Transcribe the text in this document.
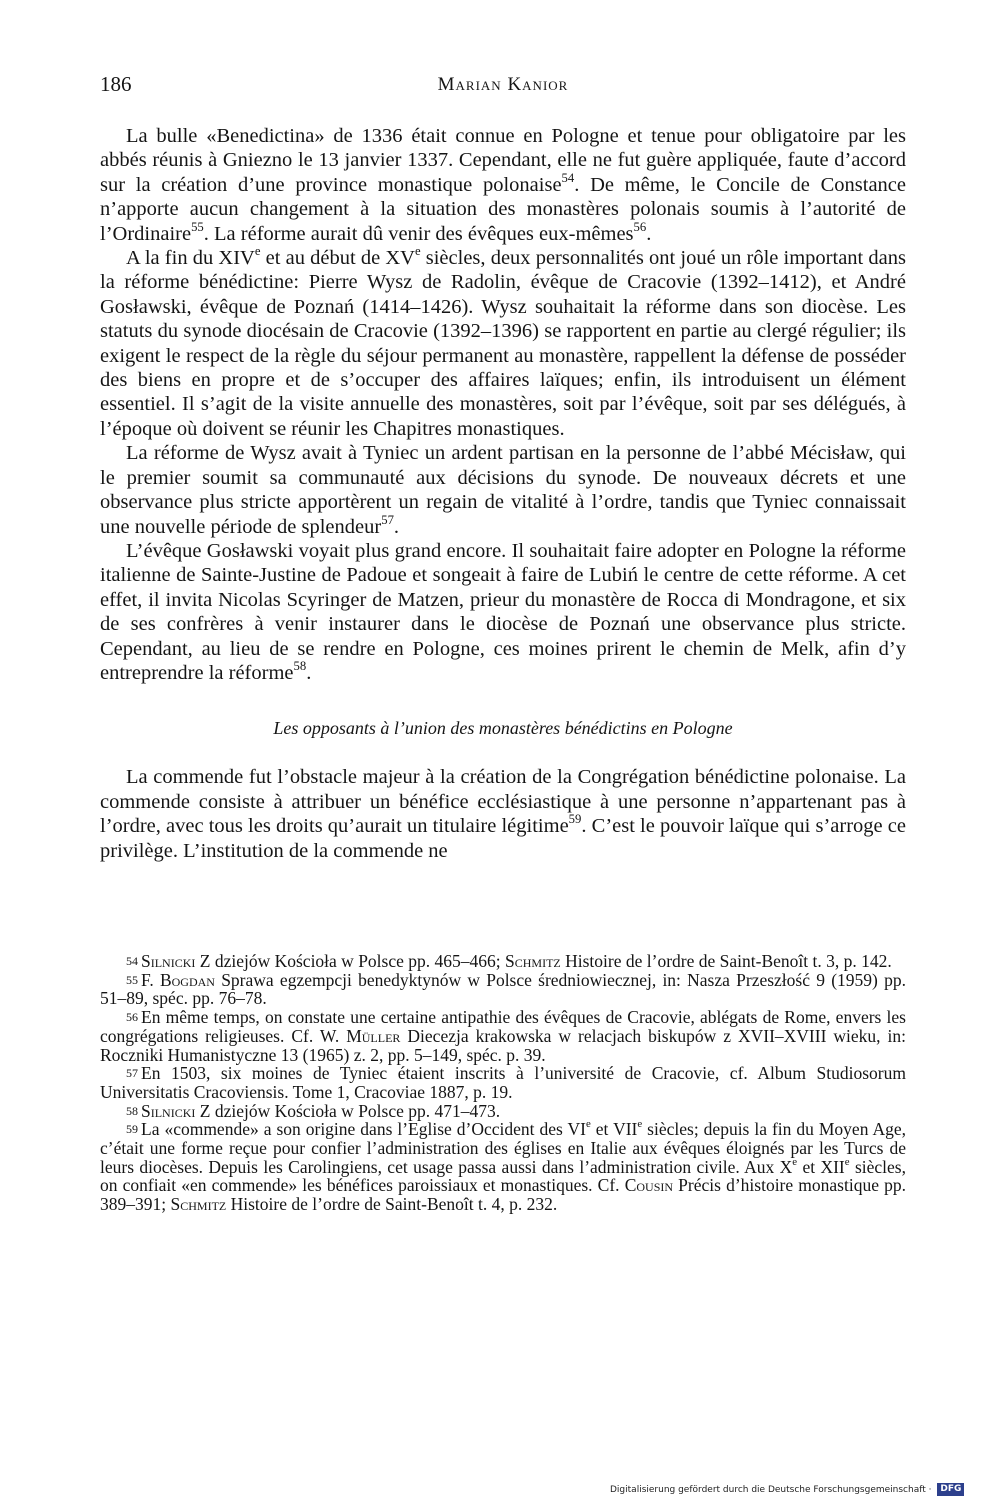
186	Marian Kanior

La bulle «Benedictina» de 1336 était connue en Pologne et tenue pour obligatoire par les abbés réunis à Gniezno le 13 janvier 1337. Cependant, elle ne fut guère appliquée, faute d’accord sur la création d’une province monastique polonaise$^{54}$. De même, le Concile de Constance n’apporte aucun changement à la situation des monastères polonais soumis à l’autorité de l’Ordinaire$^{55}$. La réforme aurait dû venir des évêques eux-mêmes$^{56}$.

A la fin du XIVe et au début de XVe siècles, deux personnalités ont joué un rôle important dans la réforme bénédictine: Pierre Wysz de Radolin, évêque de Cracovie (1392–1412), et André Gosławski, évêque de Poznań (1414–1426). Wysz souhaitait la réforme dans son diocèse. Les statuts du synode diocésain de Cracovie (1392–1396) se rapportent en partie au clergé régulier; ils exigent le respect de la règle du séjour permanent au monastère, rappellent la défense de posséder des biens en propre et de s’occuper des affaires laïques; enfin, ils introduisent un élément essentiel. Il s’agit de la visite annuelle des monastères, soit par l’évêque, soit par ses délégués, à l’époque où doivent se réunir les Chapitres monastiques.

La réforme de Wysz avait à Tyniec un ardent partisan en la personne de l’abbé Mécisław, qui le premier soumit sa communauté aux décisions du synode. De nouveaux décrets et une observance plus stricte apportèrent un regain de vitalité à l’ordre, tandis que Tyniec connaissait une nouvelle période de splendeur$^{57}$.

L’évêque Gosławski voyait plus grand encore. Il souhaitait faire adopter en Pologne la réforme italienne de Sainte-Justine de Padoue et songeait à faire de Lubiń le centre de cette réforme. A cet effet, il invita Nicolas Scyringer de Matzen, prieur du monastère de Rocca di Mondragone, et six de ses confrères à venir instaurer dans le diocèse de Poznań une observance plus stricte. Cependant, au lieu de se rendre en Pologne, ces moines prirent le chemin de Melk, afin d’y entreprendre la réforme$^{58}$.

Les opposants à l’union des monastères bénédictins en Pologne

La commende fut l’obstacle majeur à la création de la Congrégation bénédictine polonaise. La commende consiste à attribuer un bénéfice ecclésiastique à une personne n’appartenant pas à l’ordre, avec tous les droits qu’aurait un titulaire légitime$^{59}$. C’est le pouvoir laïque qui s’arroge ce privilège. L’institution de la commende ne

$^{54}$ Silnicki Z dziejów Kościoła w Polsce pp. 465–466; Schmitz Histoire de l’ordre de Saint-Benoît t. 3, p. 142.

$^{55}$ F. Bogdan Sprawa egzempcji benedyktynów w Polsce średniowiecznej, in: Nasza Przeszłość 9 (1959) pp. 51–89, spéc. pp. 76–78.

$^{56}$ En même temps, on constate une certaine antipathie des évêques de Cracovie, ablégats de Rome, envers les congrégations religieuses. Cf. W. Müller Diecezja krakowska w relacjach biskupów z XVII–XVIII wieku, in: Roczniki Humanistyczne 13 (1965) z. 2, pp. 5–149, spéc. p. 39.

$^{57}$ En 1503, six moines de Tyniec étaient inscrits à l’université de Cracovie, cf. Album Studiosorum Universitatis Cracoviensis. Tome 1, Cracoviae 1887, p. 19.

$^{58}$ Silnicki Z dziejów Kościoła w Polsce pp. 471–473.

$^{59}$ La «commende» a son origine dans l’Eglise d’Occident des VIe et VIIe siècles; depuis la fin du Moyen Age, c’était une forme reçue pour confier l’administration des églises en Italie aux évêques éloignés par les Turcs de leurs diocèses. Depuis les Carolingiens, cet usage passa aussi dans l’administration civile. Aux Xe et XIIe siècles, on confiait «en commende» les bénéfices paroissiaux et monastiques. Cf. Cousin Précis d’histoire monastique pp. 389–391; Schmitz Histoire de l’ordre de Saint-Benoît t. 4, p. 232.

Digitalisierung gefördert durch die Deutsche Forschungsgemeinschaft · DFG
